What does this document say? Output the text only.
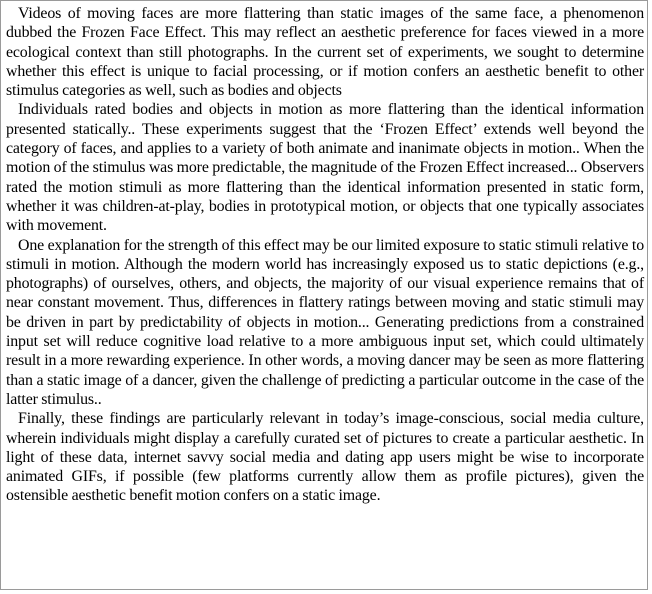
Videos of moving faces are more flattering than static images of the same face, a phenomenon dubbed the Frozen Face Effect. This may reflect an aesthetic preference for faces viewed in a more ecological context than still photographs. In the current set of experiments, we sought to determine whether this effect is unique to facial processing, or if motion confers an aesthetic benefit to other stimulus categories as well, such as bodies and objects

Individuals rated bodies and objects in motion as more flattering than the identical information presented statically.. These experiments suggest that the ‘Frozen Effect’ extends well beyond the category of faces, and applies to a variety of both animate and inanimate objects in motion.. When the motion of the stimulus was more predictable, the magnitude of the Frozen Effect increased... Observers rated the motion stimuli as more flattering than the identical information presented in static form, whether it was children-at-play, bodies in prototypical motion, or objects that one typically associates with movement.

One explanation for the strength of this effect may be our limited exposure to static stimuli relative to stimuli in motion. Although the modern world has increasingly exposed us to static depictions (e.g., photographs) of ourselves, others, and objects, the majority of our visual experience remains that of near constant movement. Thus, differences in flattery ratings between moving and static stimuli may be driven in part by predictability of objects in motion... Generating predictions from a constrained input set will reduce cognitive load relative to a more ambiguous input set, which could ultimately result in a more rewarding experience. In other words, a moving dancer may be seen as more flattering than a static image of a dancer, given the challenge of predicting a particular outcome in the case of the latter stimulus..

Finally, these findings are particularly relevant in today’s image-conscious, social media culture, wherein individuals might display a carefully curated set of pictures to create a particular aesthetic. In light of these data, internet savvy social media and dating app users might be wise to incorporate animated GIFs, if possible (few platforms currently allow them as profile pictures), given the ostensible aesthetic benefit motion confers on a static image.
